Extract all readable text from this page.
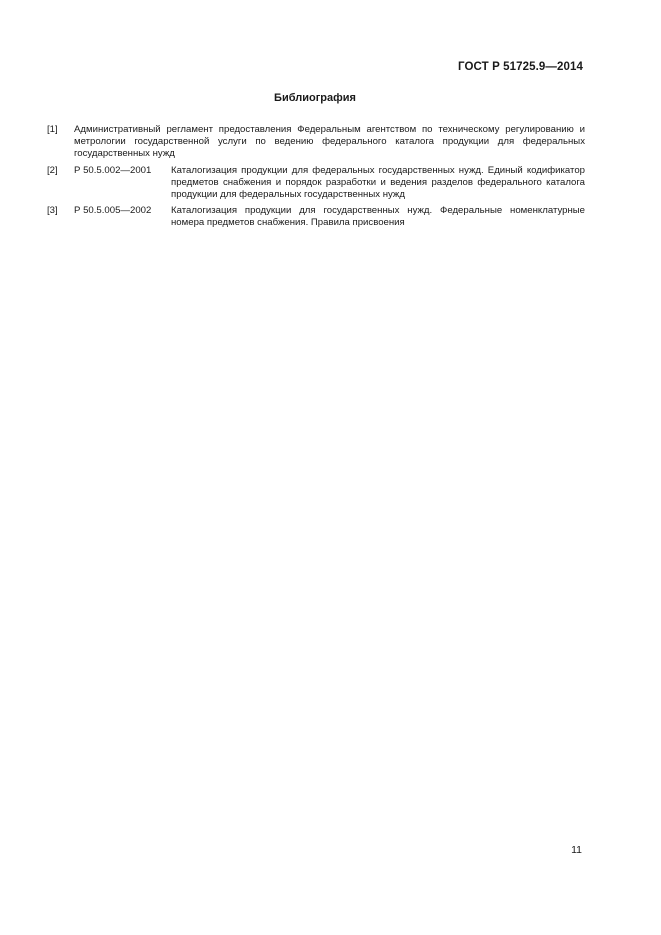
ГОСТ Р 51725.9—2014
Библиография
[1]	Административный регламент предоставления Федеральным агентством по техническому регулированию и метрологии государственной услуги по ведению федерального каталога продукции для федеральных государственных нужд
[2]	Р 50.5.002—2001	Каталогизация продукции для федеральных государственных нужд. Единый кодификатор предметов снабжения и порядок разработки и ведения разделов федерального каталога продукции для федеральных государственных нужд
[3]	Р 50.5.005—2002	Каталогизация продукции для государственных нужд. Федеральные номенклатурные номера предметов снабжения. Правила присвоения
11
